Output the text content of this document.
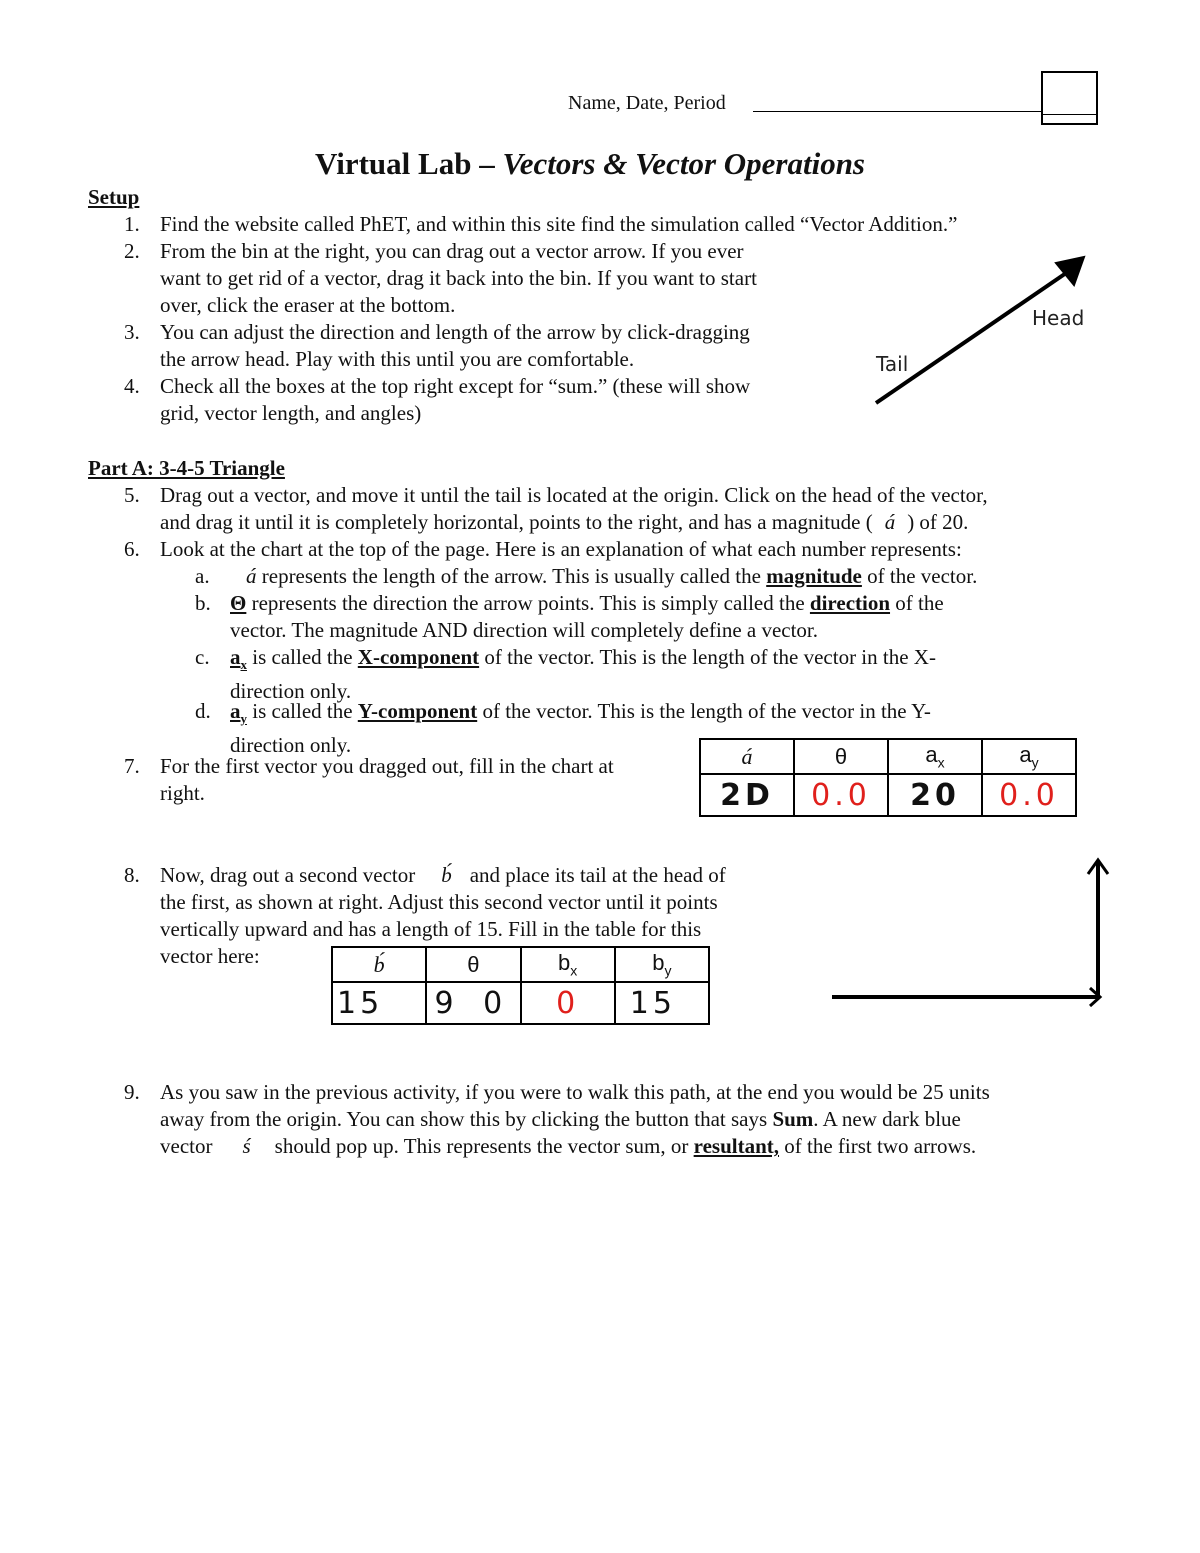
Name, Date, Period
Virtual Lab – Vectors & Vector Operations
Setup
1. Find the website called PhET, and within this site find the simulation called “Vector Addition.”
2. From the bin at the right, you can drag out a vector arrow. If you ever
want to get rid of a vector, drag it back into the bin. If you want to start
over, click the eraser at the bottom.
3. You can adjust the direction and length of the arrow by click-dragging
the arrow head. Play with this until you are comfortable.
4. Check all the boxes at the top right except for “sum.” (these will show
grid, vector length, and angles)
Head
Tail
Part A: 3-4-5 Triangle
5. Drag out a vector, and move it until the tail is located at the origin. Click on the head of the vector,
and drag it until it is completely horizontal, points to the right, and has a magnitude ( á ) of 20.
6. Look at the chart at the top of the page. Here is an explanation of what each number represents:
a.	á represents the length of the arrow. This is usually called the magnitude of the vector.
b. Θ represents the direction the arrow points. This is simply called the direction of the
vector. The magnitude AND direction will completely define a vector.
c. $a_x$ is called the X-component of the vector. This is the length of the vector in the X-
direction only.
d. $a_y$ is called the Y-component of the vector. This is the length of the vector in the Y-
direction only.
7. For the first vector you dragged out, fill in the chart at
right.
á	θ	$a_x$	$a_y$
2D	0.0	20	0.0
8. Now, drag out a second vector b́ and place its tail at the head of
the first, as shown at right. Adjust this second vector until it points
vertically upward and has a length of 15. Fill in the table for this
vector here:	b́	θ	$b_x$	$b_y$
15	9 0	0	15
9. As you saw in the previous activity, if you were to walk this path, at the end you would be 25 units
away from the origin. You can show this by clicking the button that says Sum. A new dark blue
vector ś should pop up. This represents the vector sum, or resultant, of the first two arrows.
